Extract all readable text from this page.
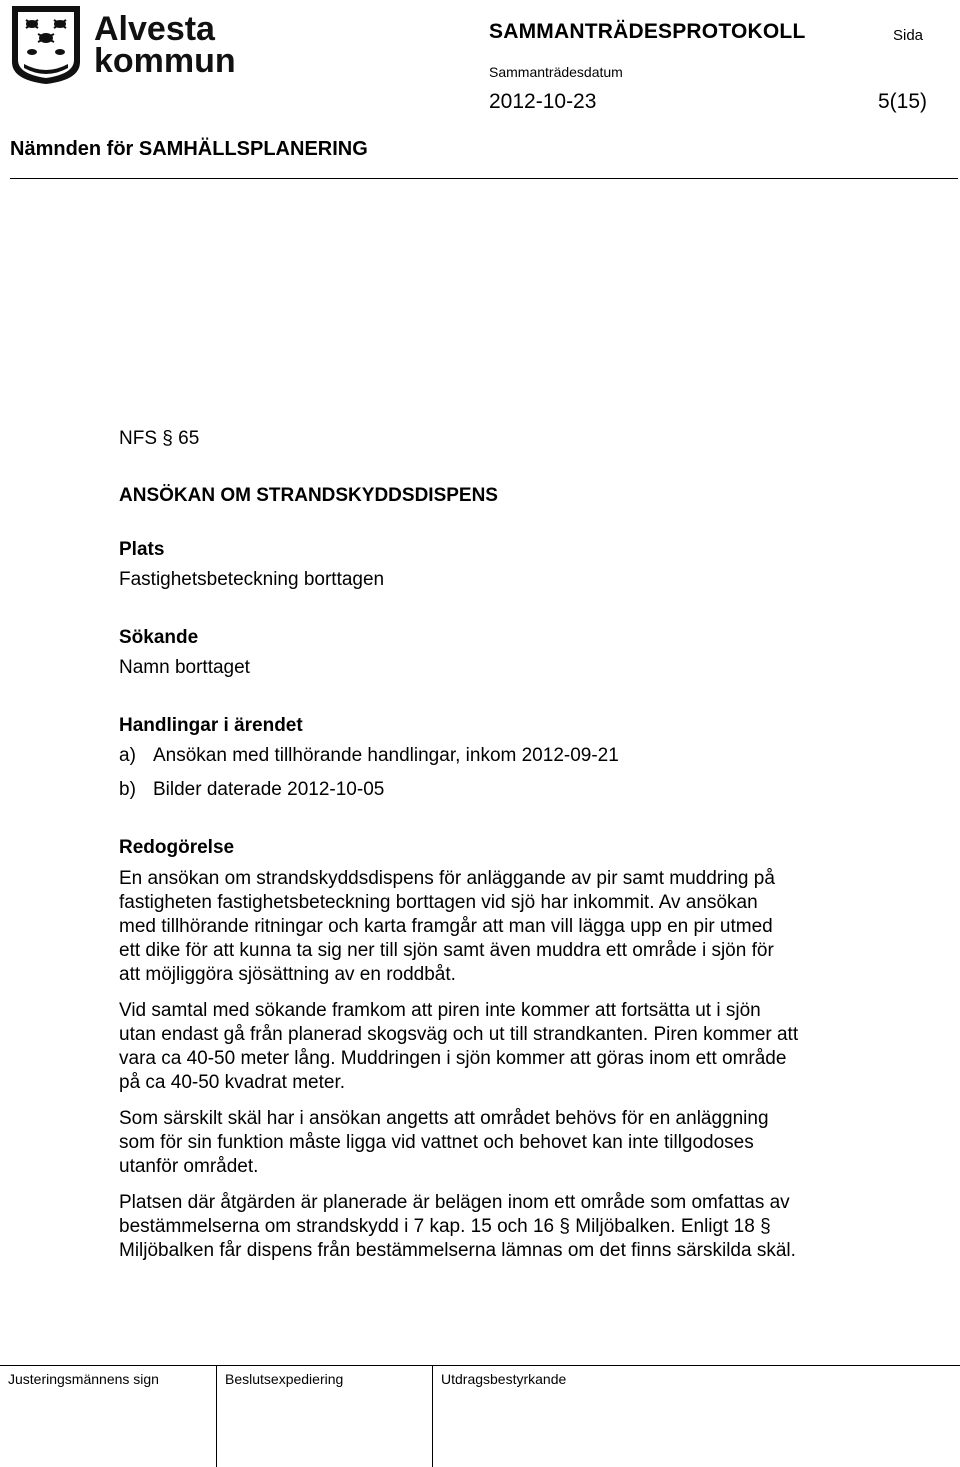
Alvesta
kommun
SAMMANTRÄDESPROTOKOLL	Sida
Sammanträdesdatum
2012-10-23	5(15)
Nämnden för SAMHÄLLSPLANERING

NFS § 65

ANSÖKAN OM STRANDSKYDDSDISPENS

Plats

Fastighetsbeteckning borttagen

Sökande

Namn borttaget

Handlingar i ärendet

a) Ansökan med tillhörande handlingar, inkom 2012-09-21
b) Bilder daterade 2012-10-05

Redogörelse

En ansökan om strandskyddsdispens för anläggande av pir samt muddring på fastigheten fastighetsbeteckning borttagen vid sjö har inkommit. Av ansökan med tillhörande ritningar och karta framgår att man vill lägga upp en pir utmed ett dike för att kunna ta sig ner till sjön samt även muddra ett område i sjön för att möjliggöra sjösättning av en roddbåt.

Vid samtal med sökande framkom att piren inte kommer att fortsätta ut i sjön utan endast gå från planerad skogsväg och ut till strandkanten. Piren kommer att vara ca 40-50 meter lång. Muddringen i sjön kommer att göras inom ett område på ca 40-50 kvadrat meter.

Som särskilt skäl har i ansökan angetts att området behövs för en anläggning som för sin funktion måste ligga vid vattnet och behovet kan inte tillgodoses utanför området.

Platsen där åtgärden är planerade är belägen inom ett område som omfattas av bestämmelserna om strandskydd i 7 kap. 15 och 16 § Miljöbalken. Enligt 18 § Miljöbalken får dispens från bestämmelserna lämnas om det finns särskilda skäl.

Justeringsmännens sign	Beslutsexpediering	Utdragsbestyrkande
